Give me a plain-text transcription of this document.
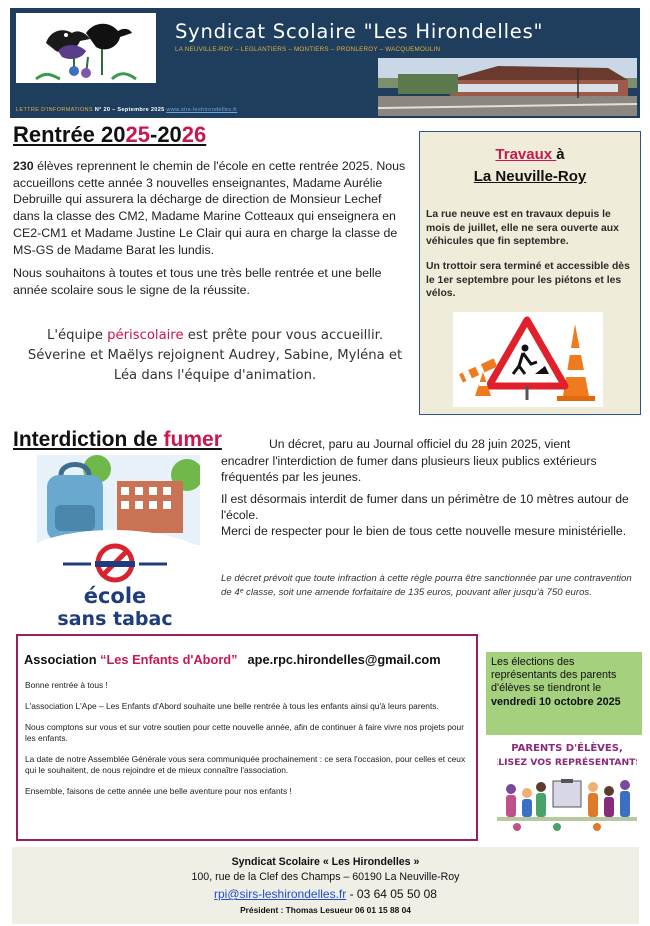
Syndicat Scolaire "Les Hirondelles"
LA NEUVILLE-ROY – LEGLANTIERS – MONTIERS – PRONLEROY – WACQUEMOULIN
LETTRE D'INFORMATIONS N° 20 – Septembre 2025 www.sirs-leshirondelles.fr
Rentrée 2025-2026

230 élèves reprennent le chemin de l'école en cette rentrée 2025. Nous accueillons cette année 3 nouvelles enseignantes, Madame Aurélie Debruille qui assurera la décharge de direction de Monsieur Lechef dans la classe des CM2, Madame Marine Cotteaux qui enseignera en CE2-CM1 et Madame Justine Le Clair qui aura en charge la classe de MS-GS de Madame Barat les lundis.

Nous souhaitons à toutes et tous une très belle rentrée et une belle année scolaire sous le signe de la réussite.

L'équipe périscolaire est prête pour vous accueillir.
Séverine et Maëlys rejoignent Audrey, Sabine, Myléna et Léa dans l'équipe d'animation.
Travaux à
La Neuville-Roy
La rue neuve est en travaux depuis le mois de juillet, elle ne sera ouverte aux véhicules que fin septembre.
Un trottoir sera terminé et accessible dès le 1er septembre pour les piétons et les vélos.
Interdiction de fumer	Un décret, paru au Journal officiel du 28 juin 2025, vient

encadrer l'interdiction de fumer dans plusieurs lieux publics extérieurs fréquentés par les jeunes.

Il est désormais interdit de fumer dans un périmètre de 10 mètres autour de l'école.
Merci de respecter pour le bien de tous cette nouvelle mesure ministérielle.
Le décret prévoit que toute infraction à cette règle pourra être sanctionnée par une contravention de 4ᵉ classe, soit une amende forfaitaire de 135 euros, pouvant aller jusqu'à 750 euros.
école
sans tabac
Association “Les Enfants d'Abord” ape.rpc.hirondelles@gmail.com

Bonne rentrée à tous !

L'association L'Ape – Les Enfants d'Abord souhaite une belle rentrée à tous les enfants ainsi qu'à leurs parents.

Nous comptons sur vous et sur votre soutien pour cette nouvelle année, afin de continuer à faire vivre nos projets pour les enfants.

La date de notre Assemblée Générale vous sera communiquée prochainement : ce sera l'occasion, pour celles et ceux qui le souhaitent, de nous rejoindre et de mieux connaître l'association.

Ensemble, faisons de cette année une belle aventure pour nos enfants !

Les élections des représentants des parents d'élèves se tiendront le vendredi 10 octobre 2025
PARENTS D'ÉLÈVES,
ÉLISEZ VOS REPRÉSENTANTS
Syndicat Scolaire « Les Hirondelles »
100, rue de la Clef des Champs – 60190 La Neuville-Roy
rpi@sirs-leshirondelles.fr - 03 64 05 50 08
Président : Thomas Lesueur 06 01 15 88 04
